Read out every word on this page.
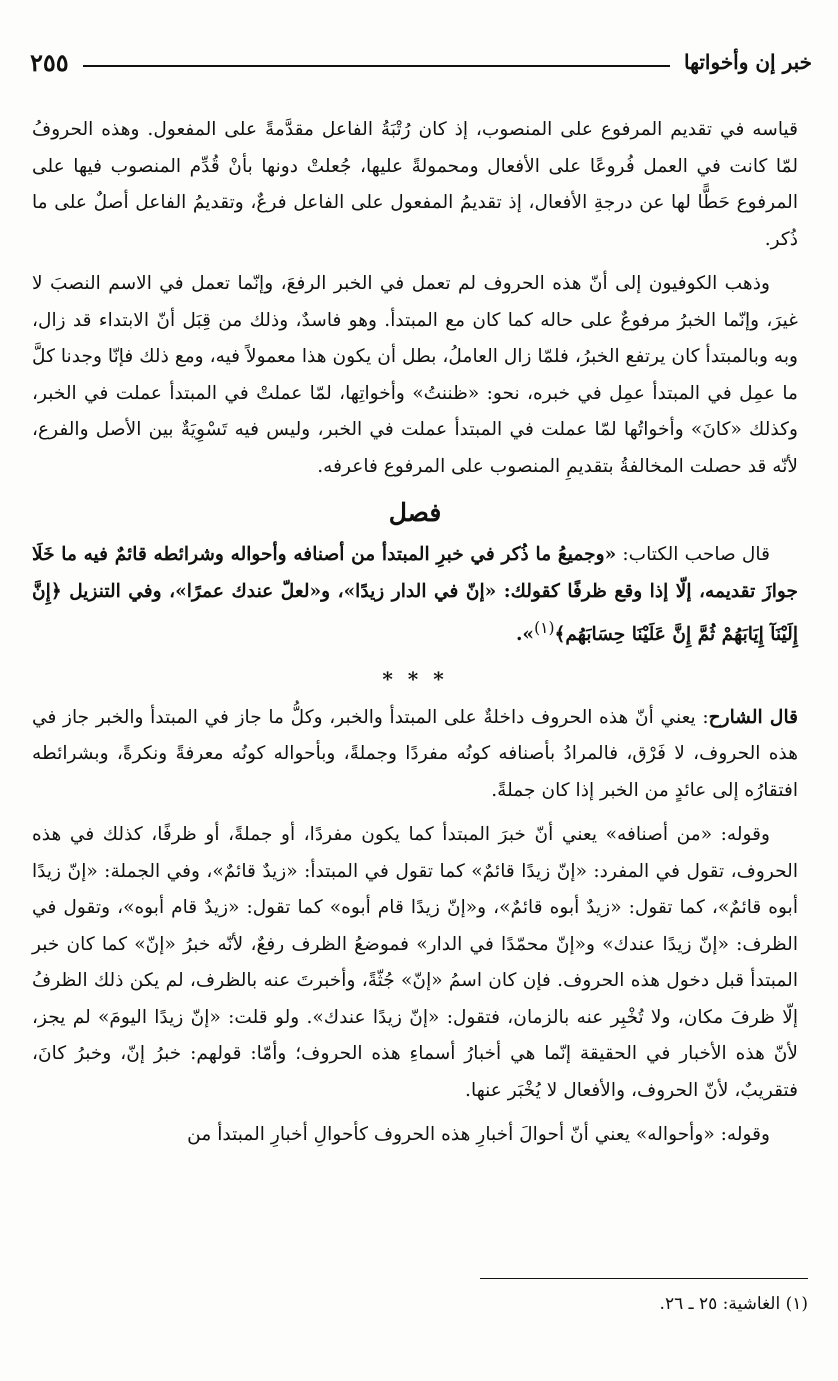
خبر إن وأخواتها
٢٥٥

قياسه في تقديم المرفوع على المنصوب، إذ كان رُتْبَةُ الفاعل مقدَّمةً على المفعول. وهذه الحروفُ لمّا كانت في العمل فُروعًا على الأفعال ومحمولةً عليها، جُعلتْ دونها بأنْ قُدِّم المنصوب فيها على المرفوع حَطًّا لها عن درجةِ الأفعال، إذ تقديمُ المفعول على الفاعل فرعٌ، وتقديمُ الفاعل أصلٌ على ما ذُكر.

وذهب الكوفيون إلى أنّ هذه الحروف لم تعمل في الخبر الرفعَ، وإنّما تعمل في الاسم النصبَ لا غيرَ، وإنّما الخبرُ مرفوعٌ على حاله كما كان مع المبتدأ. وهو فاسدٌ، وذلك من قِبَل أنّ الابتداء قد زال، وبه وبالمبتدأ كان يرتفع الخبرُ، فلمّا زال العاملُ، بطل أن يكون هذا معمولاً فيه، ومع ذلك فإنّا وجدنا كلَّ ما عمِل في المبتدأ عمِل في خبره، نحو: «ظننتُ» وأخواتِها، لمّا عملتْ في المبتدأ عملت في الخبر، وكذلك «كانَ» وأخواتُها لمّا عملت في المبتدأ عملت في الخبر، وليس فيه تَسْوِيَةٌ بين الأصل والفرع، لأنّه قد حصلت المخالفةُ بتقديمِ المنصوب على المرفوع فاعرفه.

فصل

قال صاحب الكتاب: «وجميعُ ما ذُكر في خبرِ المبتدأ من أصنافه وأحواله وشرائطه قائمٌ فيه ما خَلَا جوازَ تقديمه، إلّا إذا وقع ظرفًا كقولك: «إنّ في الدار زيدًا»، و«لعلّ عندك عمرًا»، وفي التنزيل ﴿إِنَّ إِلَيْنَآ إِيَابَهُمْ ثُمَّ إِنَّ عَلَيْنَا حِسَابَهُم﴾$^{(١)}$».

* * *

قال الشارح: يعني أنّ هذه الحروف داخلةٌ على المبتدأ والخبر، وكلُّ ما جاز في المبتدأ والخبر جاز في هذه الحروف، لا فَرْق، فالمرادُ بأصنافه كونُه مفردًا وجملةً، وبأحواله كونُه معرفةً ونكرةً، وبشرائطه افتقارُه إلى عائدٍ من الخبر إذا كان جملةً.

وقوله: «من أصنافه» يعني أنّ خبرَ المبتدأ كما يكون مفردًا، أو جملةً، أو ظرفًا، كذلك في هذه الحروف، تقول في المفرد: «إنّ زيدًا قائمٌ» كما تقول في المبتدأ: «زيدٌ قائمٌ»، وفي الجملة: «إنّ زيدًا أبوه قائمٌ»، كما تقول: «زيدٌ أبوه قائمٌ»، و«إنّ زيدًا قام أبوه» كما تقول: «زيدٌ قام أبوه»، وتقول في الظرف: «إنّ زيدًا عندك» و«إنّ محمّدًا في الدار» فموضعُ الظرف رفعٌ، لأنّه خبرُ «إنّ» كما كان خبر المبتدأ قبل دخول هذه الحروف. فإن كان اسمُ «إنّ» جُثّةً، وأخبرتَ عنه بالظرف، لم يكن ذلك الظرفُ إلّا ظرفَ مكان، ولا تُخْبِر عنه بالزمان، فتقول: «إنّ زيدًا عندك». ولو قلت: «إنّ زيدًا اليومَ» لم يجز، لأنّ هذه الأخبار في الحقيقة إنّما هي أخبارُ أسماءِ هذه الحروف؛ وأمّا: قولهم: خبرُ إنّ، وخبرُ كانَ، فتقريبٌ، لأنّ الحروف، والأفعال لا يُخْبَر عنها.

وقوله: «وأحواله» يعني أنّ أحوالَ أخبارِ هذه الحروف كأحوالِ أخبارِ المبتدأ من

(١) الغاشية: ٢٥ ـ ٢٦.
